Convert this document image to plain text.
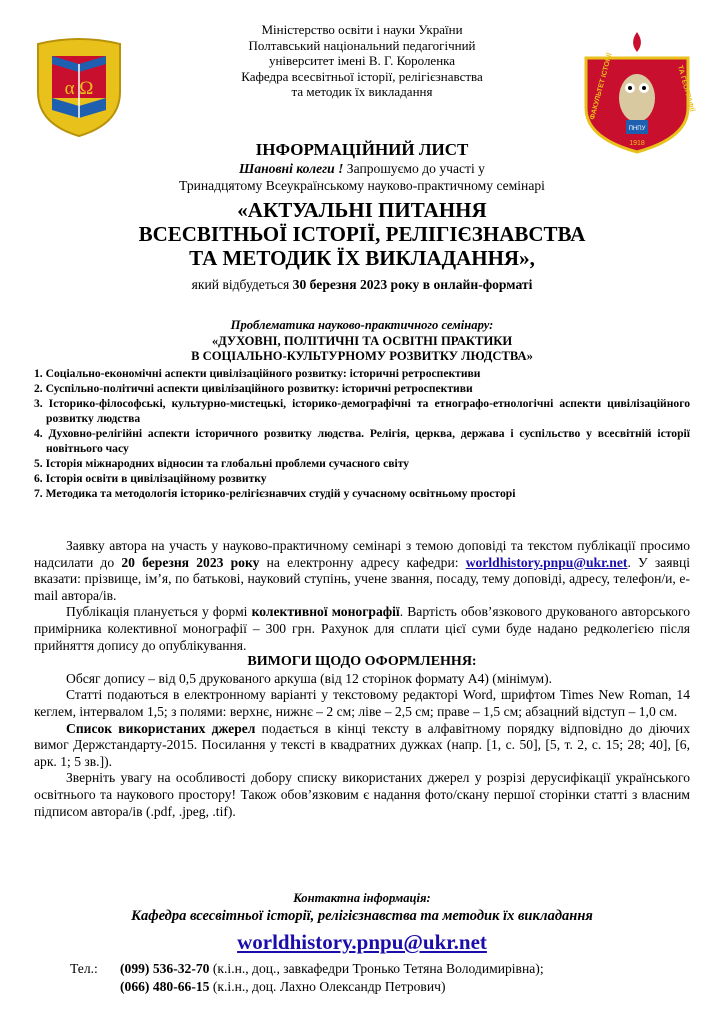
α Ω	ФАКУЛЬТЕТ ІСТОРІЇ	ТА ГЕОГРАФІЇ
ПНПУ
1918
Міністерство освіти і науки України
Полтавський національний педагогічний
університет імені В. Г. Короленка
Кафедра всесвітньої історії, релігієзнавства
та методик їх викладання
ІНФОРМАЦІЙНИЙ ЛИСТ
Шановні колеги ! Запрошуємо до участі у
Тринадцятому Всеукраїнському науково-практичному семінарі
«АКТУАЛЬНІ ПИТАННЯ
ВСЕСВІТНЬОЇ ІСТОРІЇ, РЕЛІГІЄЗНАВСТВА
ТА МЕТОДИК ЇХ ВИКЛАДАННЯ»,
який відбудеться 30 березня 2023 року в онлайн-форматі
Проблематика науково-практичного семінару:
«ДУХОВНІ, ПОЛІТИЧНІ ТА ОСВІТНІ ПРАКТИКИ
В СОЦІАЛЬНО-КУЛЬТУРНОМУ РОЗВИТКУ ЛЮДСТВА»
1. Соціально-економічні аспекти цивілізаційного розвитку: історичні ретроспективи
2. Суспільно-політичні аспекти цивілізаційного розвитку: історичні ретроспективи
3. Історико-філософські, культурно-мистецькі, історико-демографічні та етнографо-етнологічні аспекти цивілізаційного розвитку людства
4. Духовно-релігійні аспекти історичного розвитку людства. Релігія, церква, держава і суспільство у всесвітній історії новітнього часу
5. Історія міжнародних відносин та глобальні проблеми сучасного світу
6. Історія освіти в цивілізаційному розвитку
7. Методика та методологія історико-релігієзнавчих студій у сучасному освітньому просторі

Заявку автора на участь у науково-практичному семінарі з темою доповіді та текстом публікації просимо надсилати до 20 березня 2023 року на електронну адресу кафедри: worldhistory.pnpu@ukr.net. У заявці вказати: прізвище, ім’я, по батькові, науковий ступінь, учене звання, посаду, тему доповіді, адресу, телефон/и, e-mail автора/ів.

Публікація планується у формі колективної монографії. Вартість обов’язкового друкованого авторського примірника колективної монографії – 300 грн. Рахунок для сплати цієї суми буде надано редколегією після прийняття допису до опублікування.

ВИМОГИ ЩОДО ОФОРМЛЕННЯ:

Обсяг допису – від 0,5 друкованого аркуша (від 12 сторінок формату А4) (мінімум).

Статті подаються в електронному варіанті у текстовому редакторі Word, шрифтом Times New Roman, 14 кеглем, інтервалом 1,5; з полями: верхнє, нижнє – 2 см; ліве – 2,5 см; праве – 1,5 см; абзацний відступ – 1,0 см.

Список використаних джерел подається в кінці тексту в алфавітному порядку відповідно до діючих вимог Держстандарту-2015. Посилання у тексті в квадратних дужках (напр. [1, с. 50], [5, т. 2, с. 15; 28; 40], [6, арк. 1; 5 зв.]).

Зверніть увагу на особливості добору списку використаних джерел у розрізі дерусифікації українського освітнього та наукового простору! Також обов’язковим є надання фото/скану першої сторінки статті з власним підписом автора/ів (.pdf, .jpeg, .tif).

Контактна інформація:
Кафедра всесвітньої історії, релігієзнавства та методик їх викладання
worldhistory.pnpu@ukr.net
Тел.: (099) 536-32-70 (к.і.н., доц., завкафедри Тронько Тетяна Володимирівна);
(066) 480-66-15 (к.і.н., доц. Лахно Олександр Петрович)
